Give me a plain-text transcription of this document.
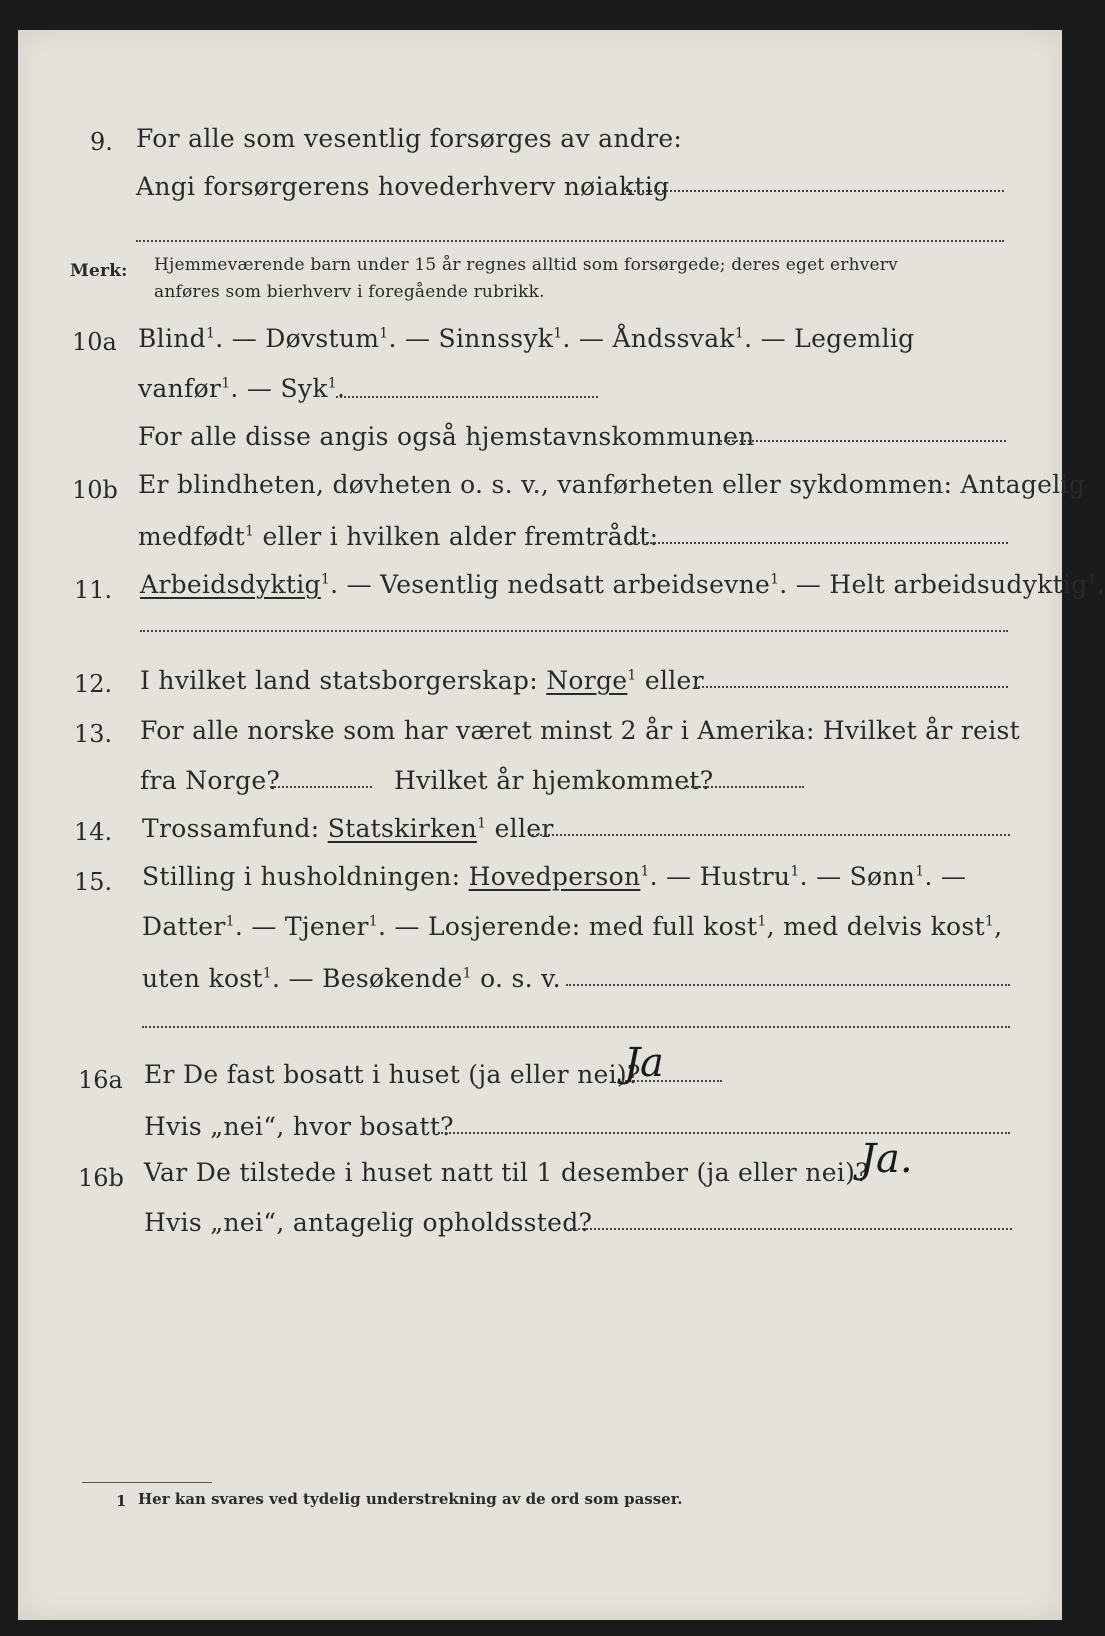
9. For alle som vesentlig forsørges av andre:
Angi forsørgerens hovederhverv nøiaktig
Merk: Hjemmeværende barn under 15 år regnes alltid som forsørgede; deres eget erhverv
anføres som bierhverv i foregående rubrikk.
10a Blind$^1$. — Døvstum$^1$. — Sinnssyk$^1$. — Åndssvak$^1$. — Legemlig
vanfør$^1$. — Syk$^1$.
For alle disse angis også hjemstavnskommunen
10b Er blindheten, døvheten o. s. v., vanførheten eller sykdommen: Antagelig
medfødt$^1$ eller i hvilken alder fremtrådt:
11. Arbeidsdyktig$^1$. — Vesentlig nedsatt arbeidsevne$^1$. — Helt arbeidsudyktig$^1$.
12. I hvilket land statsborgerskap: Norge$^1$ eller
13. For alle norske som har været minst 2 år i Amerika: Hvilket år reist
fra Norge?	Hvilket år hjemkommet?
14. Trossamfund: Statskirken$^1$ eller
15. Stilling i husholdningen: Hovedperson$^1$. — Hustru$^1$. — Sønn$^1$. —
Datter$^1$. — Tjener$^1$. — Losjerende: med full kost$^1$, med delvis kost$^1$,
uten kost$^1$. — Besøkende$^1$ o. s. v.
16a Er De fast bosatt i huset (ja eller nei)?
Ja
Hvis „nei“, hvor bosatt?
16b Var De tilstede i huset natt til 1 desember (ja eller nei)?
Ja.
Hvis „nei“, antagelig opholdssted?
1 Her kan svares ved tydelig understrekning av de ord som passer.
